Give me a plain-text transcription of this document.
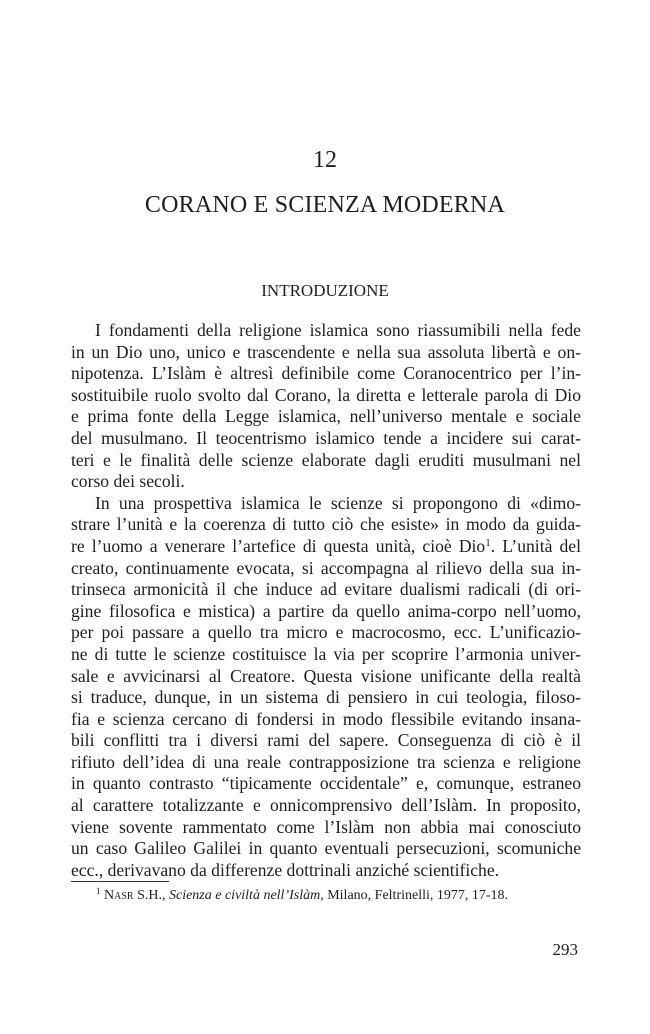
12
CORANO E SCIENZA MODERNA
INTRODUZIONE
I fondamenti della religione islamica sono riassumibili nella fede
in un Dio uno, unico e trascendente e nella sua assoluta libertà e on-
nipotenza. L’Islàm è altresì definibile come Coranocentrico per l’in-
sostituibile ruolo svolto dal Corano, la diretta e letterale parola di Dio
e prima fonte della Legge islamica, nell’universo mentale e sociale
del musulmano. Il teocentrismo islamico tende a incidere sui carat-
teri e le finalità delle scienze elaborate dagli eruditi musulmani nel
corso dei secoli.
In una prospettiva islamica le scienze si propongono di «dimo-
strare l’unità e la coerenza di tutto ciò che esiste» in modo da guida-
re l’uomo a venerare l’artefice di questa unità, cioè Dio$^1$. L’unità del
creato, continuamente evocata, si accompagna al rilievo della sua in-
trinseca armonicità il che induce ad evitare dualismi radicali (di ori-
gine filosofica e mistica) a partire da quello anima-corpo nell’uomo,
per poi passare a quello tra micro e macrocosmo, ecc. L’unificazio-
ne di tutte le scienze costituisce la via per scoprire l’armonia univer-
sale e avvicinarsi al Creatore. Questa visione unificante della realtà
si traduce, dunque, in un sistema di pensiero in cui teologia, filoso-
fia e scienza cercano di fondersi in modo flessibile evitando insana-
bili conflitti tra i diversi rami del sapere. Conseguenza di ciò è il
rifiuto dell’idea di una reale contrapposizione tra scienza e religione
in quanto contrasto “tipicamente occidentale” e, comunque, estraneo
al carattere totalizzante e onnicomprensivo dell’Islàm. In proposito,
viene sovente rammentato come l’Islàm non abbia mai conosciuto
un caso Galileo Galilei in quanto eventuali persecuzioni, scomuniche
ecc., derivavano da differenze dottrinali anziché scientifiche.
$^1$ Nasr S.H., Scienza e civiltà nell’Islàm, Milano, Feltrinelli, 1977, 17-18.
293
